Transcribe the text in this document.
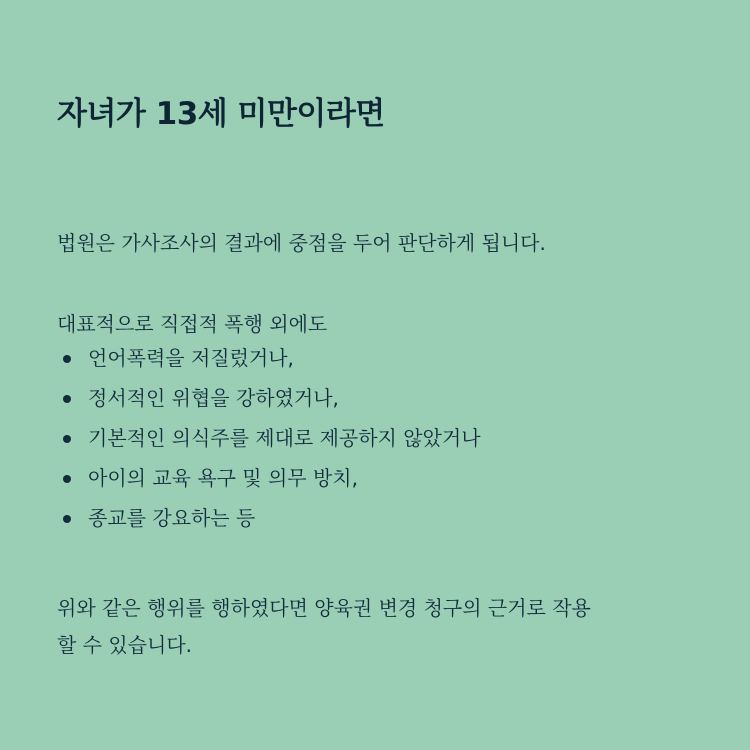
자녀가 13세 미만이라면
법원은 가사조사의 결과에 중점을 두어 판단하게 됩니다.
대표적으로 직접적 폭행 외에도
언어폭력을 저질렀거나,
정서적인 위협을 강하였거나,
기본적인 의식주를 제대로 제공하지 않았거나
아이의 교육 욕구 및 의무 방치,
종교를 강요하는 등
위와 같은 행위를 행하였다면 양육권 변경 청구의 근거로 작용
할 수 있습니다.
